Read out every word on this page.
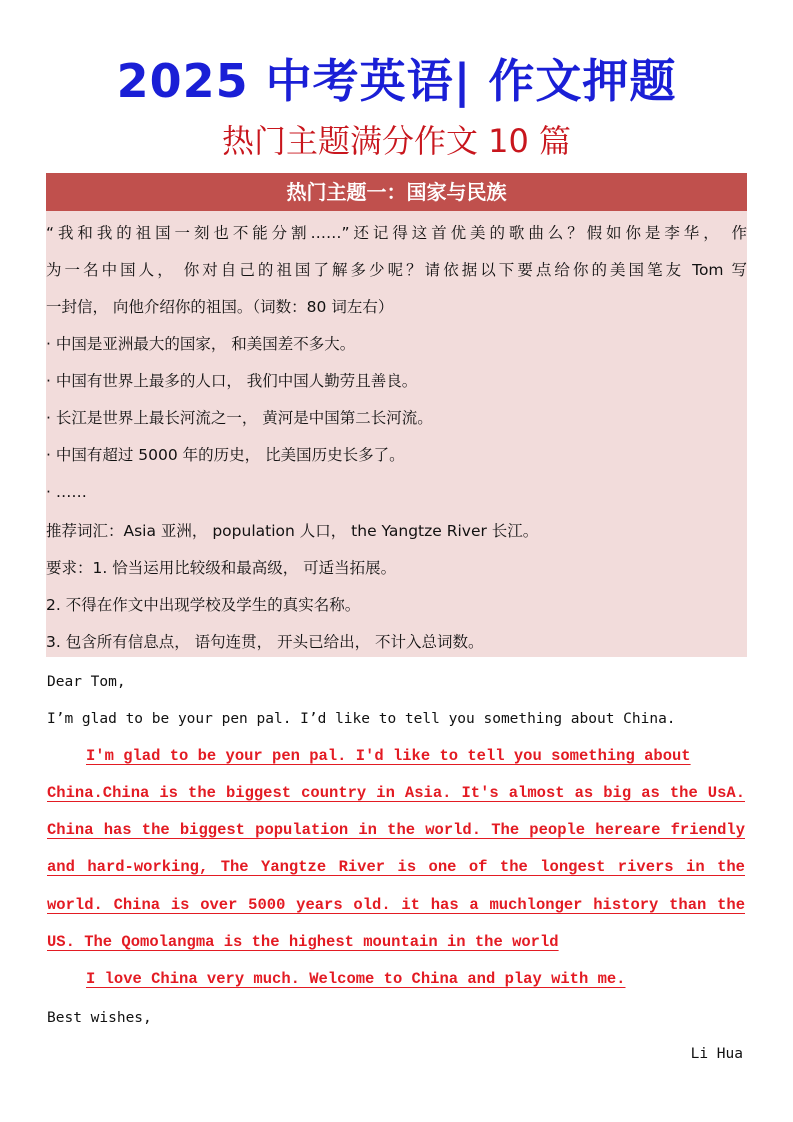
2025 中考英语| 作文押题
热门主题满分作文 10 篇
热门主题一：国家与民族
“我和我的祖国一刻也不能分割……”还记得这首优美的歌曲么？假如你是李华， 作
为一名中国人， 你对自己的祖国了解多少呢？请依据以下要点给你的美国笔友 Tom 写
一封信， 向他介绍你的祖国。（词数：80 词左右）
· 中国是亚洲最大的国家， 和美国差不多大。
· 中国有世界上最多的人口， 我们中国人勤劳且善良。
· 长江是世界上最长河流之一， 黄河是中国第二长河流。
· 中国有超过 5000 年的历史， 比美国历史长多了。
· ……
推荐词汇：Asia 亚洲， population 人口， the Yangtze River 长江。
要求：1. 恰当运用比较级和最高级， 可适当拓展。
2. 不得在作文中出现学校及学生的真实名称。
3. 包含所有信息点， 语句连贯， 开头已给出， 不计入总词数。
Dear Tom,
I’m glad to be your pen pal. I’d like to tell you something about China.
I'm glad to be your pen pal. I'd like to tell you something about
China.China is the biggest country in Asia. It's almost as big as the UsA.
China has the biggest population in the world. The people hereare friendly
and hard-working, The Yangtze River is one of the longest rivers in the
world. China is over 5000 years old. it has a muchlonger history than the
US. The Qomolangma is the highest mountain in the world
I love China very much. Welcome to China and play with me.
Best wishes,
Li Hua
